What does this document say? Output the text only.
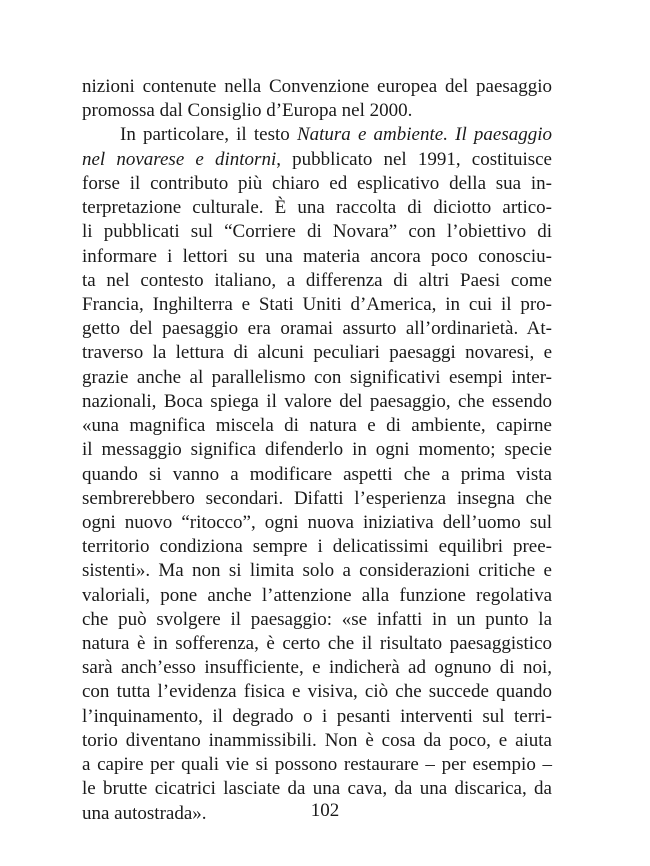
nizioni contenute nella Convenzione europea del paesaggio
promossa dal Consiglio d’Europa nel 2000.
In particolare, il testo Natura e ambiente. Il paesaggio
nel novarese e dintorni, pubblicato nel 1991, costituisce
forse il contributo più chiaro ed esplicativo della sua in-
terpretazione culturale. È una raccolta di diciotto artico-
li pubblicati sul “Corriere di Novara” con l’obiettivo di
informare i lettori su una materia ancora poco conosciu-
ta nel contesto italiano, a differenza di altri Paesi come
Francia, Inghilterra e Stati Uniti d’America, in cui il pro-
getto del paesaggio era oramai assurto all’ordinarietà. At-
traverso la lettura di alcuni peculiari paesaggi novaresi, e
grazie anche al parallelismo con significativi esempi inter-
nazionali, Boca spiega il valore del paesaggio, che essendo
«una magnifica miscela di natura e di ambiente, capirne
il messaggio significa difenderlo in ogni momento; specie
quando si vanno a modificare aspetti che a prima vista
sembrerebbero secondari. Difatti l’esperienza insegna che
ogni nuovo “ritocco”, ogni nuova iniziativa dell’uomo sul
territorio condiziona sempre i delicatissimi equilibri pree-
sistenti». Ma non si limita solo a considerazioni critiche e
valoriali, pone anche l’attenzione alla funzione regolativa
che può svolgere il paesaggio: «se infatti in un punto la
natura è in sofferenza, è certo che il risultato paesaggistico
sarà anch’esso insufficiente, e indicherà ad ognuno di noi,
con tutta l’evidenza fisica e visiva, ciò che succede quando
l’inquinamento, il degrado o i pesanti interventi sul terri-
torio diventano inammissibili. Non è cosa da poco, e aiuta
a capire per quali vie si possono restaurare – per esempio –
le brutte cicatrici lasciate da una cava, da una discarica, da
una autostrada».	102
